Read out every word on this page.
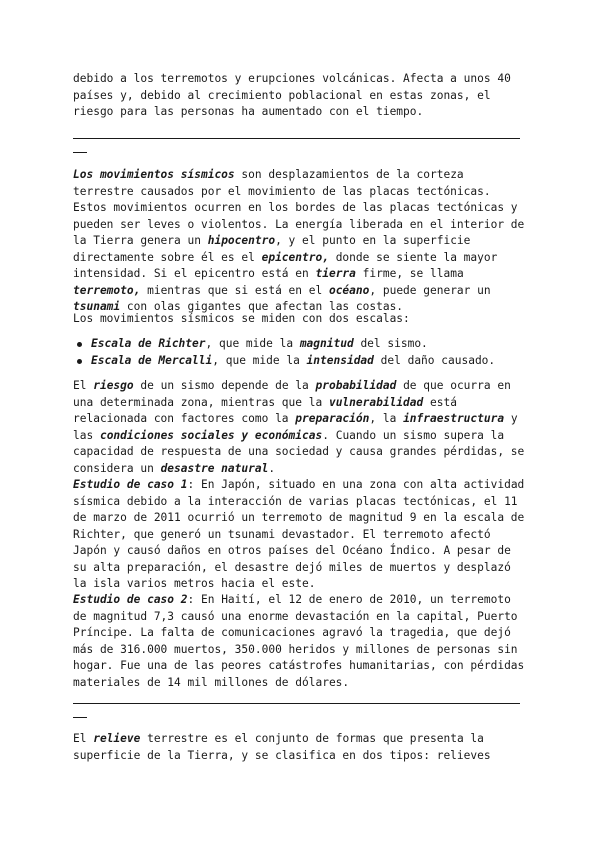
debido a los terremotos y erupciones volcánicas. Afecta a unos 40 países y, debido al crecimiento poblacional en estas zonas, el riesgo para las personas ha aumentado con el tiempo.

Los movimientos sísmicos son desplazamientos de la corteza terrestre causados por el movimiento de las placas tectónicas. Estos movimientos ocurren en los bordes de las placas tectónicas y pueden ser leves o violentos. La energía liberada en el interior de la Tierra genera un hipocentro, y el punto en la superficie directamente sobre él es el epicentro, donde se siente la mayor intensidad. Si el epicentro está en tierra firme, se llama terremoto, mientras que si está en el océano, puede generar un tsunami con olas gigantes que afectan las costas.

Los movimientos sísmicos se miden con dos escalas:

Escala de Richter, que mide la magnitud del sismo.
Escala de Mercalli, que mide la intensidad del daño causado.

El riesgo de un sismo depende de la probabilidad de que ocurra en una determinada zona, mientras que la vulnerabilidad está relacionada con factores como la preparación, la infraestructura y las condiciones sociales y económicas. Cuando un sismo supera la capacidad de respuesta de una sociedad y causa grandes pérdidas, se considera un desastre natural.

Estudio de caso 1: En Japón, situado en una zona con alta actividad sísmica debido a la interacción de varias placas tectónicas, el 11 de marzo de 2011 ocurrió un terremoto de magnitud 9 en la escala de Richter, que generó un tsunami devastador. El terremoto afectó Japón y causó daños en otros países del Océano Índico. A pesar de su alta preparación, el desastre dejó miles de muertos y desplazó la isla varios metros hacia el este.

Estudio de caso 2: En Haití, el 12 de enero de 2010, un terremoto de magnitud 7,3 causó una enorme devastación en la capital, Puerto Príncipe. La falta de comunicaciones agravó la tragedia, que dejó más de 316.000 muertos, 350.000 heridos y millones de personas sin hogar. Fue una de las peores catástrofes humanitarias, con pérdidas materiales de 14 mil millones de dólares.

El relieve terrestre es el conjunto de formas que presenta la superficie de la Tierra, y se clasifica en dos tipos: relieves
